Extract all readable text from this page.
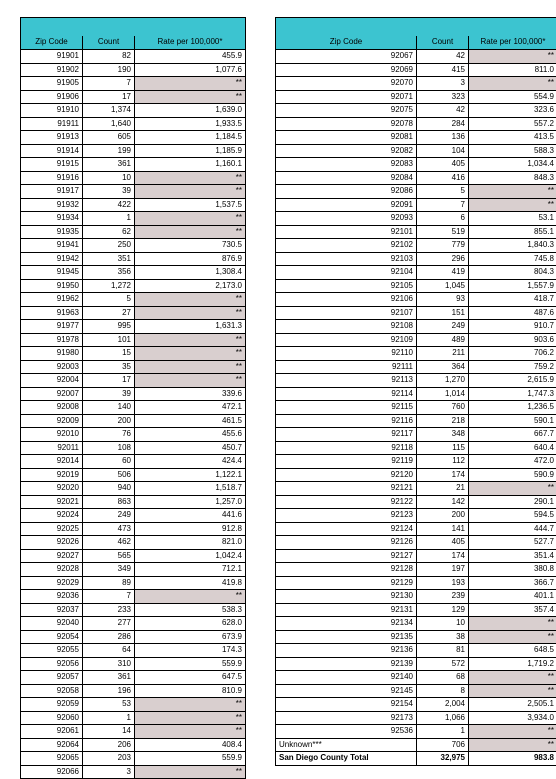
Zip Code	Count	Rate per 100,000*
91901	82	455.9
91902	190	1,077.6
91905	7	**
91906	17	**
91910	1,374	1,639.0
91911	1,640	1,933.5
91913	605	1,184.5
91914	199	1,185.9
91915	361	1,160.1
91916	10	**
91917	39	**
91932	422	1,537.5
91934	1	**
91935	62	**
91941	250	730.5
91942	351	876.9
91945	356	1,308.4
91950	1,272	2,173.0
91962	5	**
91963	27	**
91977	995	1,631.3
91978	101	**
91980	15	**
92003	35	**
92004	17	**
92007	39	339.6
92008	140	472.1
92009	200	461.5
92010	76	455.6
92011	108	450.7
92014	60	424.4
92019	506	1,122.1
92020	940	1,518.7
92021	863	1,257.0
92024	249	441.6
92025	473	912.8
92026	462	821.0
92027	565	1,042.4
92028	349	712.1
92029	89	419.8
92036	7	**
92037	233	538.3
92040	277	628.0
92054	286	673.9
92055	64	174.3
92056	310	559.9
92057	361	647.5
92058	196	810.9
92059	53	**
92060	1	**
92061	14	**
92064	206	408.4
92065	203	559.9
92066	3	**

Zip Code	Count	Rate per 100,000*
92067	42	**
92069	415	811.0
92070	3	**
92071	323	554.9
92075	42	323.6
92078	284	557.2
92081	136	413.5
92082	104	588.3
92083	405	1,034.4
92084	416	848.3
92086	5	**
92091	7	**
92093	6	53.1
92101	519	855.1
92102	779	1,840.3
92103	296	745.8
92104	419	804.3
92105	1,045	1,557.9
92106	93	418.7
92107	151	487.6
92108	249	910.7
92109	489	903.6
92110	211	706.2
92111	364	759.2
92113	1,270	2,615.9
92114	1,014	1,747.3
92115	760	1,236.5
92116	218	590.1
92117	348	667.7
92118	115	640.4
92119	112	472.0
92120	174	590.9
92121	21	**
92122	142	290.1
92123	200	594.5
92124	141	444.7
92126	405	527.7
92127	174	351.4
92128	197	380.8
92129	193	366.7
92130	239	401.1
92131	129	357.4
92134	10	**
92135	38	**
92136	81	648.5
92139	572	1,719.2
92140	68	**
92145	8	**
92154	2,004	2,505.1
92173	1,066	3,934.0
92536	1	**
Unknown***	706	**
San Diego County Total	32,975	983.8
